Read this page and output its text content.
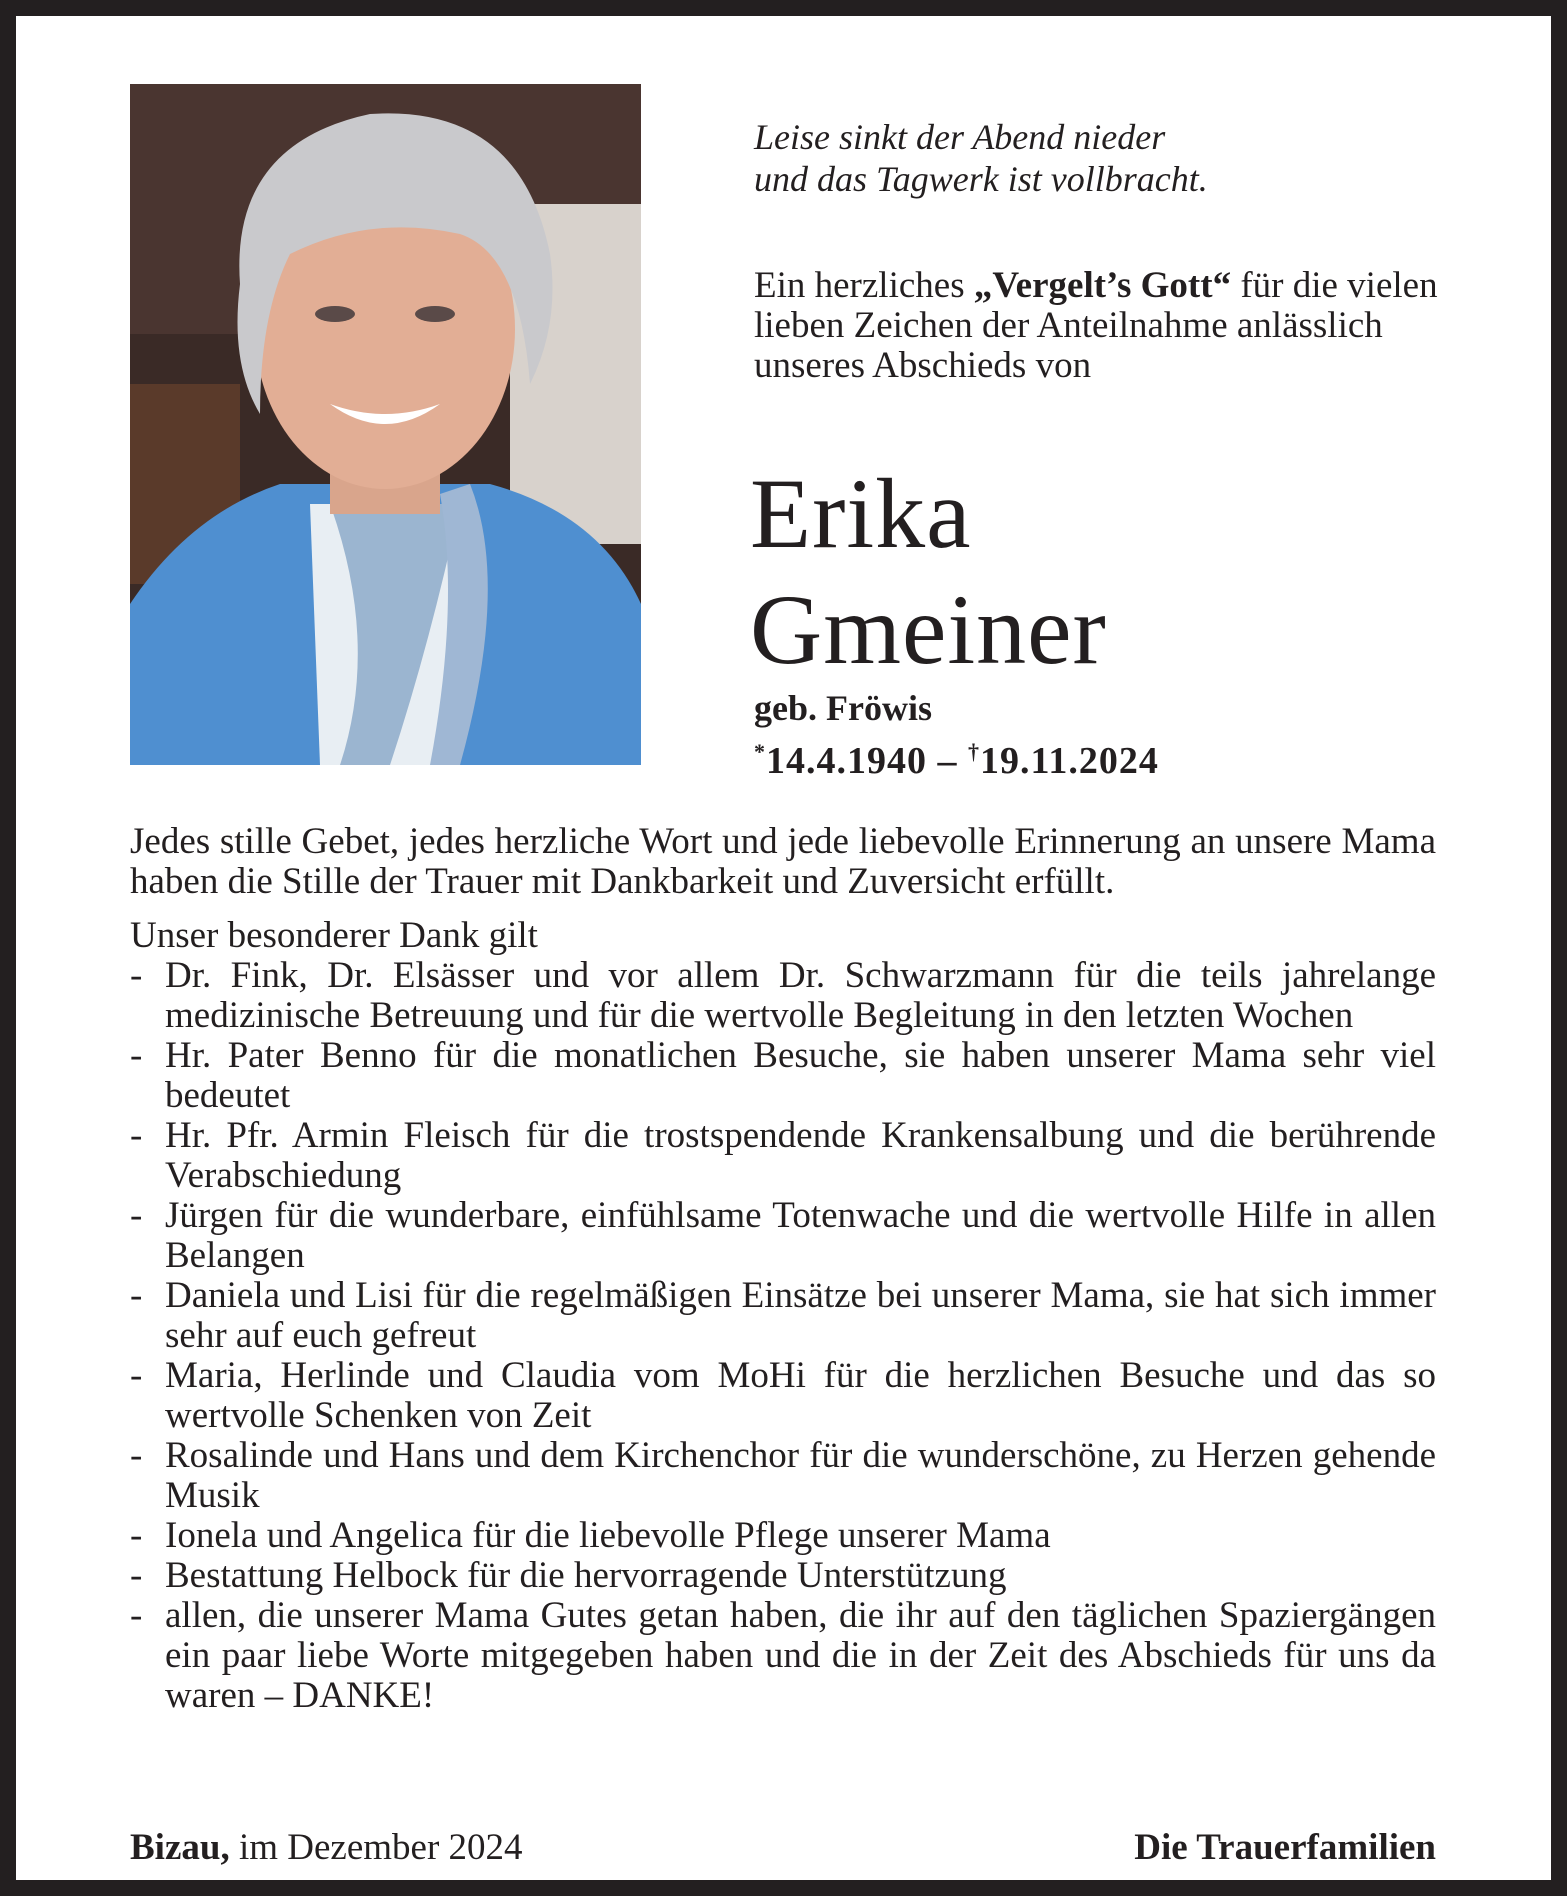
Leise sinkt der Abend nieder
und das Tagwerk ist vollbracht.
Ein herzliches „Vergelt’s Gott“ für die vielen lieben Zeichen der Anteilnahme anlässlich unseres Abschieds von
Erika
Gmeiner
geb. Fröwis
*14.4.1940 – †19.11.2024

Jedes stille Gebet, jedes herzliche Wort und jede liebevolle Erinnerung an unsere Mama haben die Stille der Trauer mit Dankbarkeit und Zuversicht erfüllt.

Unser besonderer Dank gilt

- Dr. Fink, Dr. Elsässer und vor allem Dr. Schwarzmann für die teils jahrelange medizinische Betreuung und für die wertvolle Begleitung in den letzten Wochen
- Hr. Pater Benno für die monatlichen Besuche, sie haben unserer Mama sehr viel bedeutet
- Hr. Pfr. Armin Fleisch für die trostspendende Krankensalbung und die berührende Verabschiedung
- Jürgen für die wunderbare, einfühlsame Totenwache und die wertvolle Hilfe in allen Belangen
- Daniela und Lisi für die regelmäßigen Einsätze bei unserer Mama, sie hat sich immer sehr auf euch gefreut
- Maria, Herlinde und Claudia vom MoHi für die herzlichen Besuche und das so wertvolle Schenken von Zeit
- Rosalinde und Hans und dem Kirchenchor für die wunderschöne, zu Herzen gehende Musik
- Ionela und Angelica für die liebevolle Pflege unserer Mama
- Bestattung Helbock für die hervorragende Unterstützung
- allen, die unserer Mama Gutes getan haben, die ihr auf den täglichen Spaziergängen ein paar liebe Worte mitgegeben haben und die in der Zeit des Abschieds für uns da waren – DANKE!
Bizau, im Dezember 2024	Die Trauerfamilien
